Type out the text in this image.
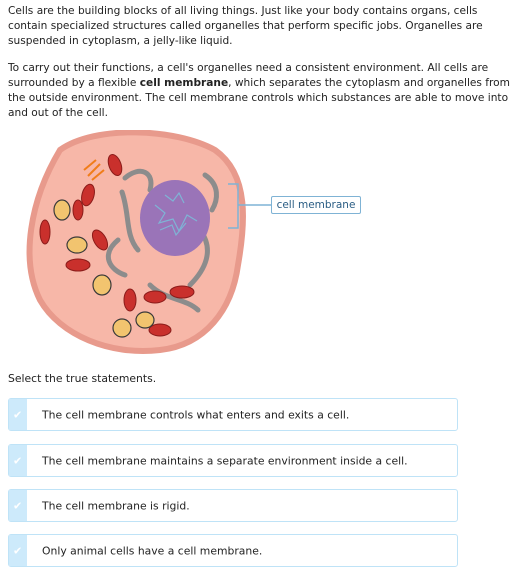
Cells are the building blocks of all living things. Just like your body contains organs, cells contain specialized structures called organelles that perform specific jobs. Organelles are suspended in cytoplasm, a jelly-like liquid.

To carry out their functions, a cell's organelles need a consistent environment. All cells are surrounded by a flexible cell membrane, which separates the cytoplasm and organelles from the outside environment. The cell membrane controls which substances are able to move into and out of the cell.

cell membrane
Select the true statements.
✔ The cell membrane controls what enters and exits a cell.
✔ The cell membrane maintains a separate environment inside a cell.
✔ The cell membrane is rigid.
✔ Only animal cells have a cell membrane.
